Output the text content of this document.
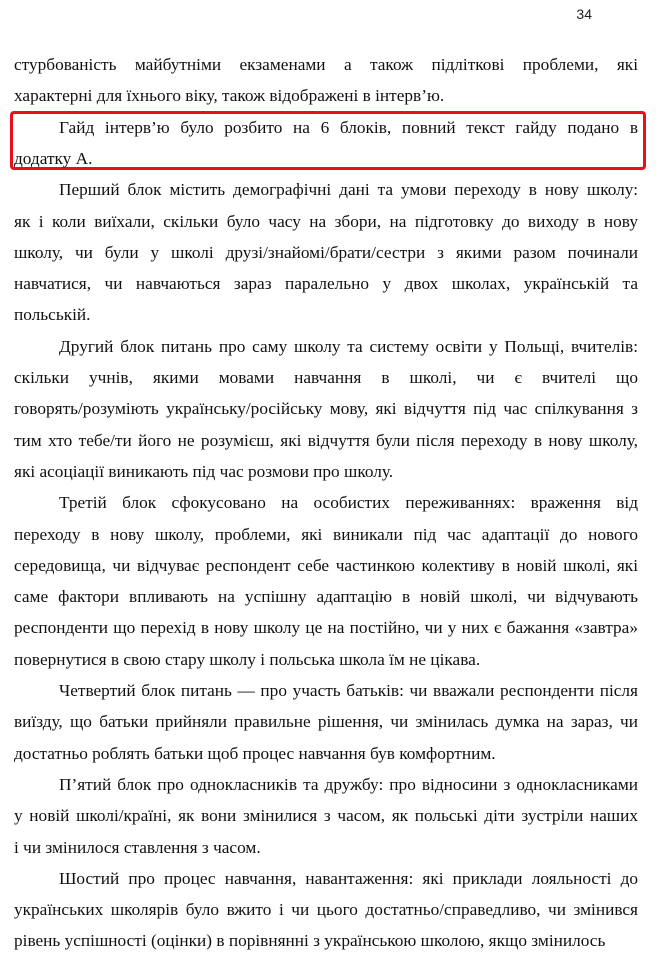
34
стурбованість майбутніми екзаменами а також підліткові проблеми, які
характерні для їхнього віку, також відображені в інтерв’ю.
Гайд інтерв’ю було розбито на 6 блоків, повний текст гайду подано в
додатку А.
Перший блок містить демографічні дані та умови переходу в нову школу:
як і коли виїхали, скільки було часу на збори, на підготовку до виходу в нову
школу, чи були у школі друзі/знайомі/брати/сестри з якими разом починали
навчатися, чи навчаються зараз паралельно у двох школах, українській та
польській.
Другий блок питань про саму школу та систему освіти у Польщі, вчителів:
скільки учнів, якими мовами навчання в школі, чи є вчителі що
говорять/розуміють українську/російську мову, які відчуття під час спілкування з
тим хто тебе/ти його не розумієш, які відчуття були після переходу в нову школу,
які асоціації виникають під час розмови про школу.
Третій блок сфокусовано на особистих переживаннях: враження від
переходу в нову школу, проблеми, які виникали під час адаптації до нового
середовища, чи відчуває респондент себе частинкою колективу в новій школі, які
саме фактори впливають на успішну адаптацію в новій школі, чи відчувають
респонденти що перехід в нову школу це на постійно, чи у них є бажання «завтра»
повернутися в свою стару школу і польська школа їм не цікава.
Четвертий блок питань — про участь батьків: чи вважали респонденти після
виїзду, що батьки прийняли правильне рішення, чи змінилась думка на зараз, чи
достатньо роблять батьки щоб процес навчання був комфортним.
П’ятий блок про однокласників та дружбу: про відносини з однокласниками
у новій школі/країні, як вони змінилися з часом, як польські діти зустріли наших
і чи змінилося ставлення з часом.
Шостий про процес навчання, навантаження: які приклади лояльності до
українських школярів було вжито і чи цього достатньо/справедливо, чи змінився
рівень успішності (оцінки) в порівнянні з українською школою, якщо змінилось
